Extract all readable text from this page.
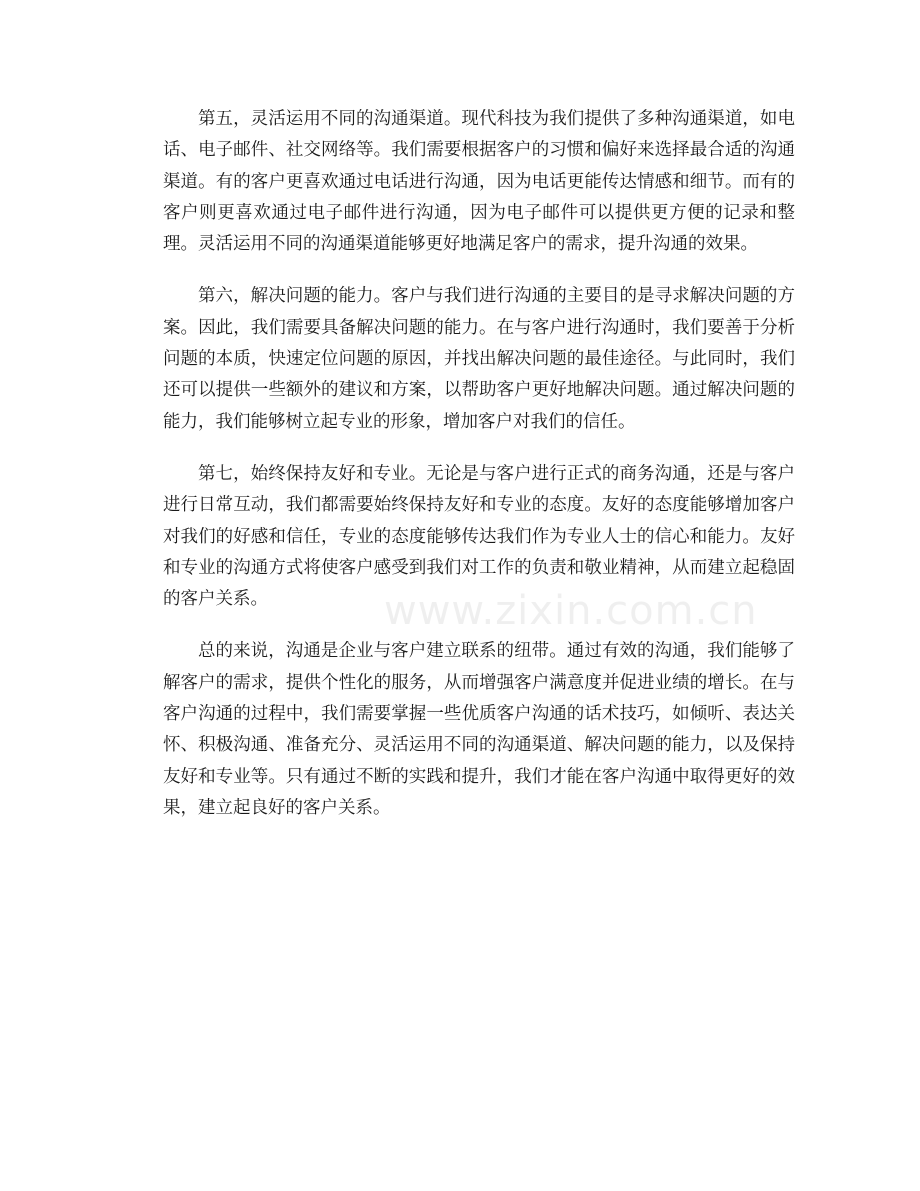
第五，灵活运用不同的沟通渠道。现代科技为我们提供了多种沟通渠道，如电话、电子邮件、社交网络等。我们需要根据客户的习惯和偏好来选择最合适的沟通渠道。有的客户更喜欢通过电话进行沟通，因为电话更能传达情感和细节。而有的客户则更喜欢通过电子邮件进行沟通，因为电子邮件可以提供更方便的记录和整理。灵活运用不同的沟通渠道能够更好地满足客户的需求，提升沟通的效果。

第六，解决问题的能力。客户与我们进行沟通的主要目的是寻求解决问题的方案。因此，我们需要具备解决问题的能力。在与客户进行沟通时，我们要善于分析问题的本质，快速定位问题的原因，并找出解决问题的最佳途径。与此同时，我们还可以提供一些额外的建议和方案，以帮助客户更好地解决问题。通过解决问题的能力，我们能够树立起专业的形象，增加客户对我们的信任。

第七，始终保持友好和专业。无论是与客户进行正式的商务沟通，还是与客户进行日常互动，我们都需要始终保持友好和专业的态度。友好的态度能够增加客户对我们的好感和信任，专业的态度能够传达我们作为专业人士的信心和能力。友好和专业的沟通方式将使客户感受到我们对工作的负责和敬业精神，从而建立起稳固的客户关系。

总的来说，沟通是企业与客户建立联系的纽带。通过有效的沟通，我们能够了解客户的需求，提供个性化的服务，从而增强客户满意度并促进业绩的增长。在与客户沟通的过程中，我们需要掌握一些优质客户沟通的话术技巧，如倾听、表达关怀、积极沟通、准备充分、灵活运用不同的沟通渠道、解决问题的能力，以及保持友好和专业等。只有通过不断的实践和提升，我们才能在客户沟通中取得更好的效果，建立起良好的客户关系。

www.zixin.com.cn
